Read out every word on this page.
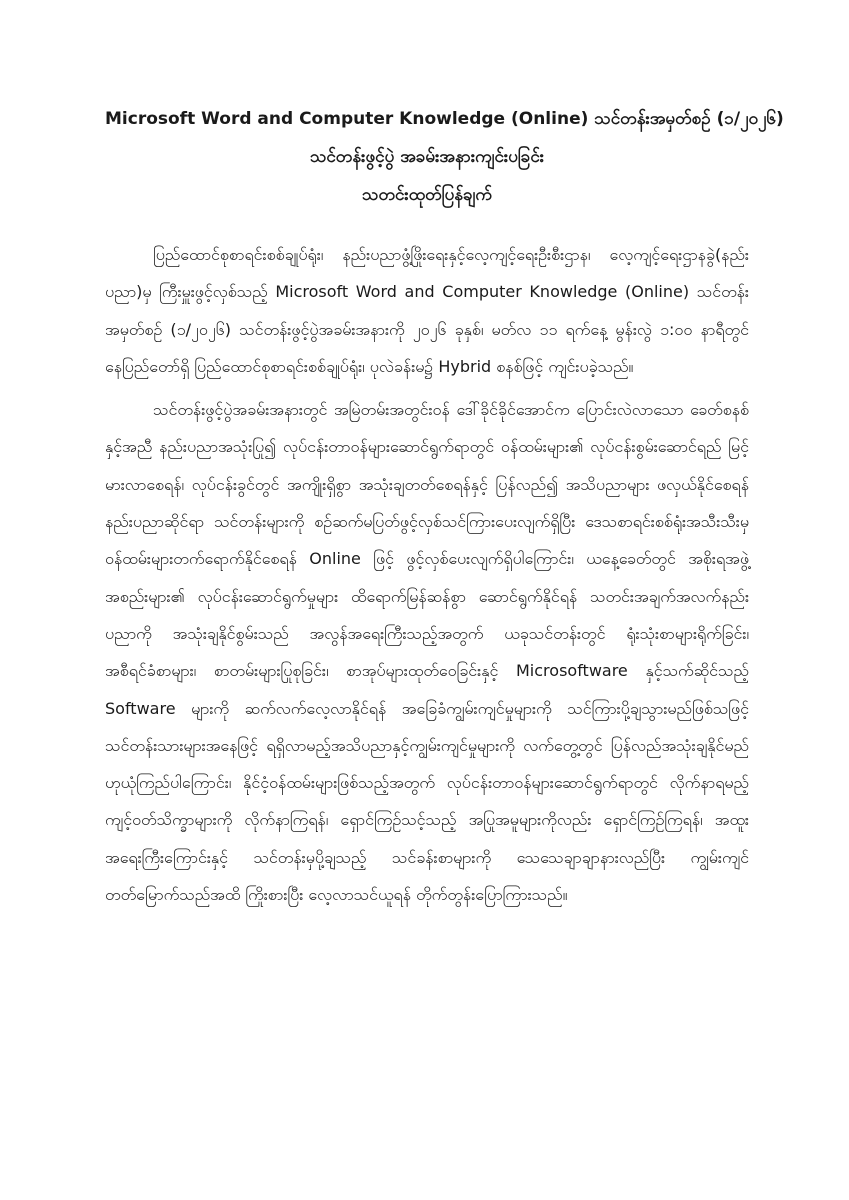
Microsoft Word and Computer Knowledge (Online) သင်တန်းအမှတ်စဉ် (၁/၂၀၂၆)
သင်တန်းဖွင့်ပွဲ အခမ်းအနားကျင်းပခြင်း
သတင်းထုတ်ပြန်ချက်

ပြည်ထောင်စုစာရင်းစစ်ချုပ်ရုံး၊ နည်းပညာဖွံ့ဖြိုးရေးနှင့်လေ့ကျင့်ရေးဦးစီးဌာန၊ လေ့ကျင့်ရေးဌာနခွဲ(နည်းပညာ)မှ ကြီးမှူးဖွင့်လှစ်သည့် Microsoft Word and Computer Knowledge (Online) သင်တန်းအမှတ်စဉ် (၁/၂၀၂၆) သင်တန်းဖွင့်ပွဲအခမ်းအနားကို ၂၀၂၆ ခုနှစ်၊ မတ်လ ၁၁ ရက်နေ့ မွန်းလွဲ ၁:၀၀ နာရီတွင် နေပြည်တော်ရှိ ပြည်ထောင်စုစာရင်းစစ်ချုပ်ရုံး၊ ပုလဲခန်းမ၌ Hybrid စနစ်ဖြင့် ကျင်းပခဲ့သည်။

သင်တန်းဖွင့်ပွဲအခမ်းအနားတွင် အမြဲတမ်းအတွင်းဝန် ဒေါ်ခိုင်ခိုင်အောင်က ပြောင်းလဲလာသော ခေတ်စနစ်နှင့်အညီ နည်းပညာအသုံးပြု၍ လုပ်ငန်းတာဝန်များဆောင်ရွက်ရာတွင် ဝန်ထမ်းများ၏ လုပ်ငန်းစွမ်းဆောင်ရည် မြင့်မားလာစေရန်၊ လုပ်ငန်းခွင်တွင် အကျိုးရှိစွာ အသုံးချတတ်စေရန်နှင့် ပြန်လည်၍ အသိပညာများ ဖလှယ်နိုင်စေရန် နည်းပညာဆိုင်ရာ သင်တန်းများကို စဉ်ဆက်မပြတ်ဖွင့်လှစ်သင်ကြားပေးလျက်ရှိပြီး ဒေသစာရင်းစစ်ရုံးအသီးသီးမှ ဝန်ထမ်းများတက်ရောက်နိုင်စေရန် Online ဖြင့် ဖွင့်လှစ်ပေးလျက်ရှိပါကြောင်း၊ ယနေ့ခေတ်တွင် အစိုးရအဖွဲ့အစည်းများ၏ လုပ်ငန်းဆောင်ရွက်မှုများ ထိရောက်မြန်ဆန်စွာ ဆောင်ရွက်နိုင်ရန် သတင်းအချက်အလက်နည်းပညာကို အသုံးချနိုင်စွမ်းသည် အလွန်အရေးကြီးသည့်အတွက် ယခုသင်တန်းတွင် ရုံးသုံးစာများရိုက်ခြင်း၊ အစီရင်ခံစာများ၊ စာတမ်းများပြုစုခြင်း၊ စာအုပ်များထုတ်ဝေခြင်းနှင့် Microsoftware နှင့်သက်ဆိုင်သည့် Software များကို ဆက်လက်လေ့လာနိုင်ရန် အခြေခံကျွမ်းကျင်မှုများကို သင်ကြားပို့ချသွားမည်ဖြစ်သဖြင့် သင်တန်းသားများအနေဖြင့် ရရှိလာမည့်အသိပညာနှင့်ကျွမ်းကျင်မှုများကို လက်တွေ့တွင် ပြန်လည်အသုံးချနိုင်မည်ဟုယုံကြည်ပါကြောင်း၊ နိုင်ငံ့ဝန်ထမ်းများဖြစ်သည့်အတွက် လုပ်ငန်းတာဝန်များဆောင်ရွက်ရာတွင် လိုက်နာရမည့်ကျင့်ဝတ်သိက္ခာများကို လိုက်နာကြရန်၊ ရှောင်ကြဉ်သင့်သည့် အပြုအမူများကိုလည်း ရှောင်ကြဉ်ကြရန်၊ အထူးအရေးကြီးကြောင်းနှင့် သင်တန်းမှပို့ချသည့် သင်ခန်းစာများကို သေသေချာချာနားလည်ပြီး ကျွမ်းကျင်တတ်မြောက်သည်အထိ ကြိုးစားပြီး လေ့လာသင်ယူရန် တိုက်တွန်းပြောကြားသည်။
